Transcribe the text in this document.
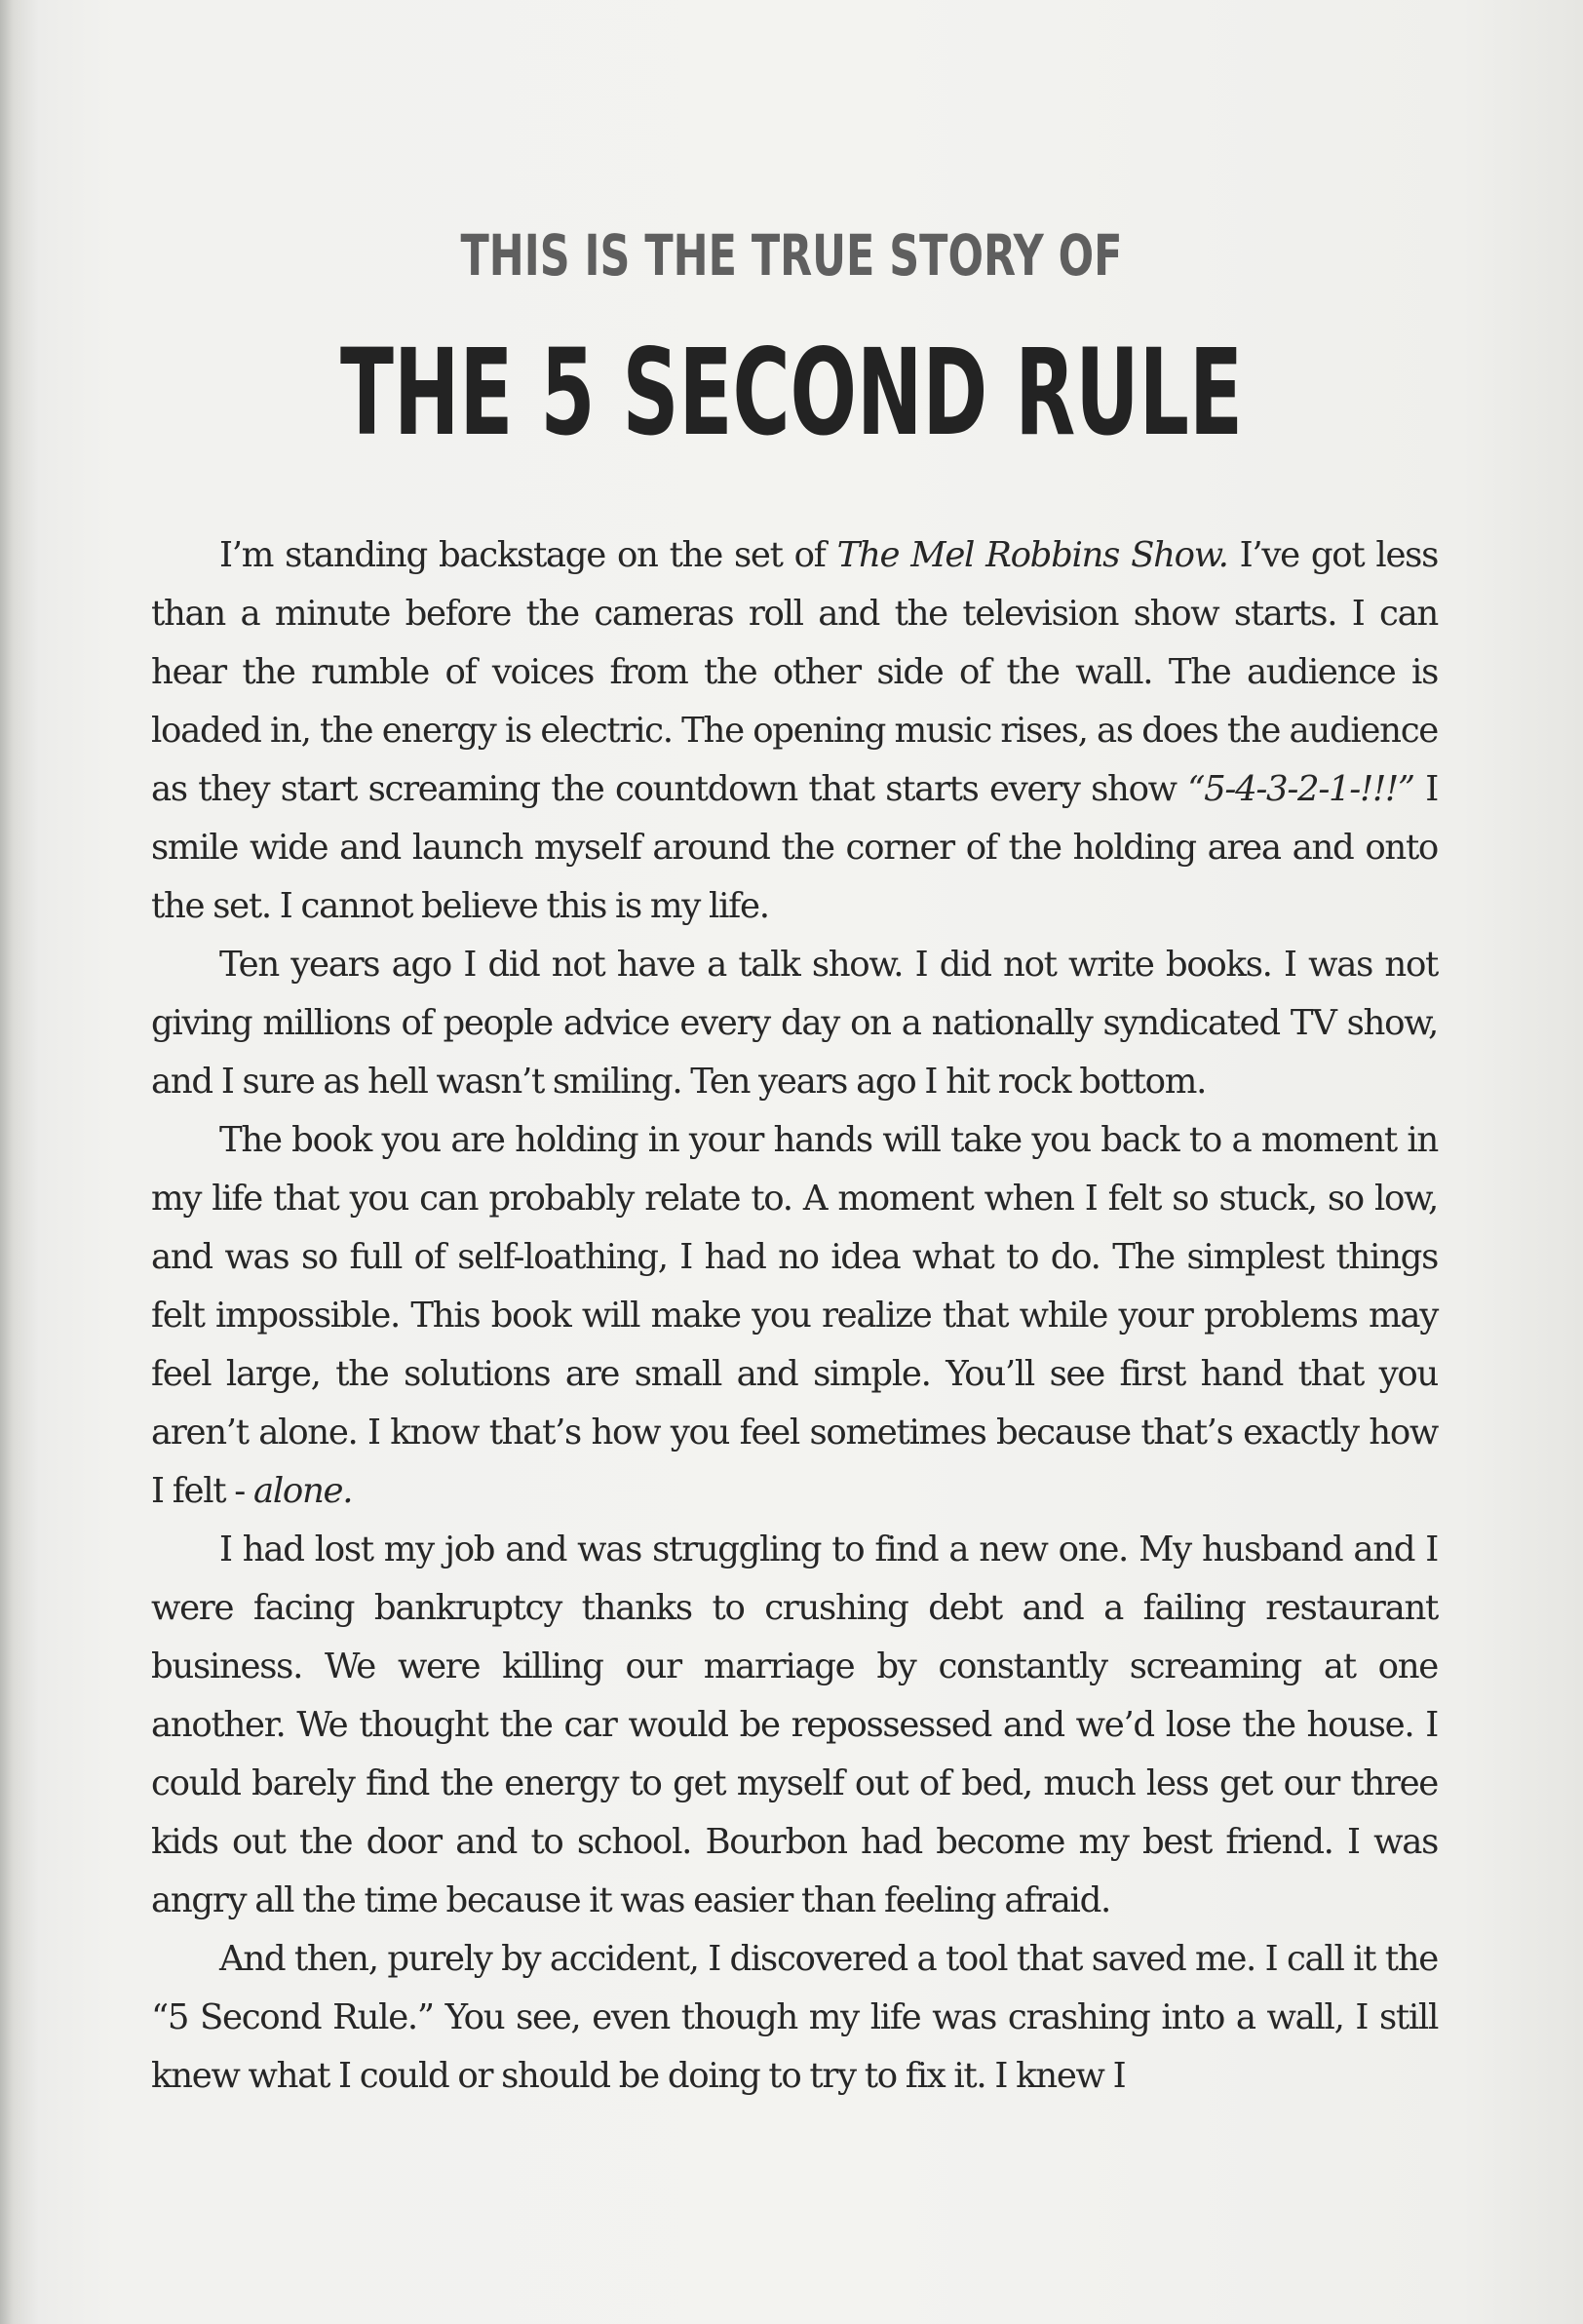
THIS IS THE TRUE STORY OF
THE 5 SECOND RULE

I’m standing backstage on the set of The Mel Robbins Show. I’ve got less than a minute before the cameras roll and the television show starts. I can hear the rumble of voices from the other side of the wall. The audience is loaded in, the energy is electric. The opening music rises, as does the audience as they start screaming the countdown that starts every show “5-4-3-2-1-!!!” I smile wide and launch myself around the corner of the holding area and onto the set. I cannot believe this is my life.

Ten years ago I did not have a talk show. I did not write books. I was not giving millions of people advice every day on a nationally syndicated TV show, and I sure as hell wasn’t smiling. Ten years ago I hit rock bottom.

The book you are holding in your hands will take you back to a moment in my life that you can probably relate to. A moment when I felt so stuck, so low, and was so full of self-loathing, I had no idea what to do. The simplest things felt impossible. This book will make you realize that while your problems may feel large, the solutions are small and simple. You’ll see first hand that you aren’t alone. I know that’s how you feel sometimes because that’s exactly how I felt - alone.

I had lost my job and was struggling to find a new one. My husband and I were facing bankruptcy thanks to crushing debt and a failing restaurant business. We were killing our marriage by constantly screaming at one another. We thought the car would be repossessed and we’d lose the house. I could barely find the energy to get myself out of bed, much less get our three kids out the door and to school. Bourbon had become my best friend. I was angry all the time because it was easier than feeling afraid.

And then, purely by accident, I discovered a tool that saved me. I call it the “5 Second Rule.” You see, even though my life was crashing into a wall, I still knew what I could or should be doing to try to fix it. I knew I
